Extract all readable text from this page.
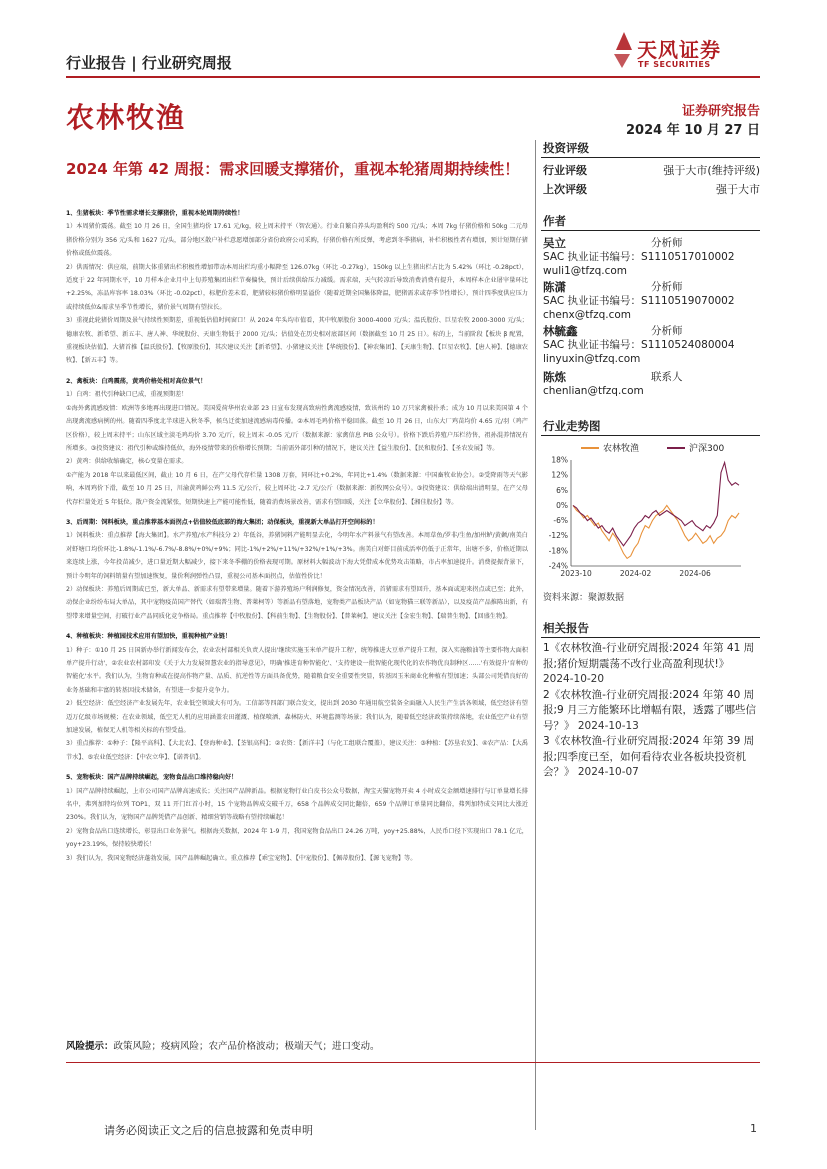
行业报告 | 行业研究周报
天风证券
TF SECURITIES
农林牧渔	证券研究报告
2024 年 10 月 27 日
2024 年第 42 周报：需求回暖支撑猪价，重视本轮猪周期持续性！
1、生猪板块：季节性需求增长支撑猪价，重视本轮周期持续性！
1）本周猪价震荡。截至 10 月 26 日，全国生猪均价 17.61 元/kg，较上周末持平（智农通）。行业自繁自养头均盈利约 500 元/头；本周 7kg 仔猪价格和 50kg 二元母猪价格分别为 356 元/头和 1627 元/头，部分地区散户补栏意愿增加部分省份政府公司采购，仔猪价格有所反弹，考虑到冬季猪病，补栏积极性者有增加，预计短期仔猪价格或低位震荡。
2）供需情况：供应端，前期大体重猪出栏积极性增加带动本周出栏均重小幅降至 126.07kg（环比 -0.27kg），150kg 以上生猪出栏占比为 5.42%（环比 -0.28pct），适度于 22 年同期水平，10 月样本企业月中上旬养殖集团出栏节奏偏快，预计后续供给压力减缓。需求端，天气转凉后导致消费消费有提升，本周样本企业屠宰量环比+2.25%，冻品库容率 18.03%（环比 -0.02pct），标肥价差未看，肥猪较标猪价格明显溢价（随着近期全国集体降温，肥猪需求或存季节性增长），预计四季度供应压力或持续低位&需求呈季节性增长，猪价景气周期有望拉长。
3）重视此轮猪价周期及景气持续性预期差，重视低估值时间窗口！从 2024 年头均市值看，其中牧原股份 3000-4000 元/头；温氏股份、巨星农牧 2000-3000 元/头；德康农牧、新希望、新五丰、唐人神、华统股份、天康生物低于 2000 元/头；估值处在历史相对底部区间（数据截至 10 月 25 日）。标的上，当前阶段【板块 β 配置，重视板块估值】、大猪首推【温氏股份】、【牧原股份】，其次建议关注【新希望】、小猪建议关注【华统股份】、【神农集团】、【天康生物】、【巨星农牧】、【唐人神】、【德康农牧】、【新五丰】等。
2、禽板块：白鸡震荡，黄鸡价格处相对高位景气！
1）白鸡：祖代引种缺口已成，重视预期差！
①海外禽流感疫情：欧洲等多地再出现进口情况。美国爱荷华州农业部 23 日宣布发现高致病性禽流感疫情，致该州约 10 万只家禽被扑杀；成为 10 月以来美国第 4 个出现禽流感病例的州。随着四季度北半球进入秋冬季，候鸟迁徙加速流感病毒传播。②本周毛鸡价格平稳回落。截至 10 月 26 日，山东大厂鸡苗均价 4.65 元/羽（鸡产区价格），较上周末持平；山东区域主淡毛鸡均价 3.70 元/斤，较上周末 -0.05 元/斤（数据来源：家禽信息 PIB 公众号）。价格下跌后养殖户压栏待售，祖孙混养情况有所增多。③投资建议：祖代引种或维持低位，海外疫情带来的价格增长预期；当前需外部引种的情况下，建议关注【益生股份】、【民和股份】、【圣农发展】等。
2）黄鸡：供给收缩确定，核心变量在需求。
①产能为 2018 年以来最低区间，截止 10 月 6 日，在产父母代存栏量 1308 万套，同环比+0.2%，年同比+1.4%（数据来源：中国畜牧业协会）。②受降雨等天气影响，本周鸡价下滑，截至 10 月 25 日，川渝黄鸡鲜公鸡 11.5 元/公斤，较上周环比 -2.7 元/公斤（数据来源：新牧网公众号）。③投资建议：供给端出清明显，在产父母代存栏量处近 5 年低位。散户资金流紧张，短期快速上产能可能性低，随着消费场景改善，需求有望回暖，关注【立华股份】、【湘佳股份】等。
3、后周期：饲料板块，重点推荐基本面拐点+估值较低底部的海大集团；动保板块，重视新大单品打开空间标的！
1）饲料板块：重点推荐【海大集团】。水产养殖/水产科技分 2）年低谷，养猪饲料产能明显去化，今明年水产料景气有望改善。本周草鱼/罗非/生鱼/加州鲈/黄颡/南美白对虾塘口均价环比-1.8%/-1.1%/-6.7%/-8.8%/+0%/+9%；同比-1%/+2%/+11%/+32%/+1%/+3%。南美白对虾目前成活率仍低于正常年，出塘不多，价格近期以来连续上涨，今年投苗减少，进口量近期大幅减少，接下来冬季棚的价格表现可期。原材料大幅波动下海大凭借成本优势攻击策略，市占率加速提升。消费提振背景下，预计今明年的饲料销量有望加速恢复，量价利润弹性凸显，重视公司基本面拐点，估值性价比！
2）动保板块：养殖后周期或已至，新大单品、新需求有望带来增量。随着下游养殖场户利润修复，资金情况改善，首猪需求有望回升，基本面或迎来拐点或已至；此外，动保企业纷纷布局大单品，其中宠物疫苗国产替代（如瑞普生物、普莱柯等）等新品有望落地，宠物类产品板块产品（如宠物猫三联等新品），以及疫苗产品推陈出新，有望带来增量空间，打破行业产品同质化竞争格局。重点推荐【中牧股份】、【科前生物】、【生物股份】、【普莱柯】，建议关注【金宏生物】、【瑞普生物】、【回盛生物】。
4、种植板块：种植园技术应用有望加快，重视种植产业链！
1）种子：①10 月 25 日国新办举行新闻发布会，农业农村部相关负责人提出'继续实施玉米单产提升工程'，统筹推进大豆单产提升工程，深入实施粮油等主要作物大面积单产提升行动'，②农业农村部印发《关于大力发展智慧农业的指导意见》，明确'推进育种智能化'、'支持建设一批智能化现代化的农作物优良制种区……'有效提升'育种的智能化'水平。我们认为，生物育种或在提高作物产量、品质、抗逆性等方面具备优势，随着粮食安全重要性突显，转基因玉米商业化种植有望加速；头部公司凭借良好的业务基础和丰富的转基因技术储备，有望进一步提升竞争力。
2）低空经济：低空经济产业发展先年，农业低空领域大有可为。工信部等四部门联合发文，提出到 2030 年通用航空装备全面融入人民生产生活各领域，低空经济有望迈万亿级市场规模；在农业领域，低空无人机的应用涵盖农田灌溉、植保喷洒、森林防火、环境监测等场景；我们认为，随着低空经济政策持续落地，农业低空产业有望加速发展，植保无人机等相关标的有望受益。
3）重点推荐：①种子：【隆平高科】、【大北农】、【登海种业】、【荃银高科】；②农资：【新洋丰】（与化工组联合覆盖），建议关注：③种植：【苏垦农发】、④农产品：【大禹节水】、⑤农业低空经济：【中农立华】、【诺普信】。
5、宠物板块：国产品牌持续崛起，宠物食品出口维持稳向好！
1）国产品牌持续崛起，上市公司国产品牌高速成长；关注国产品牌新品。根据宠物行业白皮书公众号数据，淘宝天猫宠物开卖 4 小时成交金额增速排行与订单量增长排名中，弗列加特均位列 TOP1，双 11 开门红首小时，15 个宠物品牌成交破千万，658 个品牌成交同比翻倍，659 个品牌订单量同比翻倍，弗列加特成交同比大涨近 230%。我们认为，宠物国产品牌凭借产品创新、精细营销等战略有望持续崛起！
2）宠物食品出口连续增长，彰显出口业务景气。根据海关数据，2024 年 1-9 月，我国宠物食品出口 24.26 万吨，yoy+25.88%，人民币口径下实现出口 78.1 亿元，yoy+23.19%，保持较快增长！
3）我们认为，我国宠物经济蓬勃发展，国产品牌崛起确立。重点推荐【乖宝宠物】、【中宠股份】、【佩蒂股份】、【源飞宠物】等。
风险提示：政策风险；疫病风险；农产品价格波动；极端天气；进口变动。
投资评级
行业评级	强于大市(维持评级)
上次评级	强于大市
作者
吴立	分析师
SAC 执业证书编号：S1110517010002
wuli1@tfzq.com
陈潇	分析师
SAC 执业证书编号：S1110519070002
chenx@tfzq.com
林毓鑫	分析师
SAC 执业证书编号：S1110524080004
linyuxin@tfzq.com
陈炼	联系人
chenlian@tfzq.com
行业走势图
18%
12%
6%
0%
-6%
-12%
-18%
-24%
2023-10	2024-02	2024-06
农林牧渔	沪深300
资料来源：聚源数据
相关报告
1《农林牧渔-行业研究周报:2024 年第 41 周报;猪价短期震荡不改行业高盈利现状!》 2024-10-20
2《农林牧渔-行业研究周报:2024 年第 40 周报;9 月三方能繁环比增幅有限，透露了哪些信号？》 2024-10-13
3《农林牧渔-行业研究周报:2024 年第 39 周报;四季度已至，如何看待农业各板块投资机会？》 2024-10-07
请务必阅读正文之后的信息披露和免责申明	1
